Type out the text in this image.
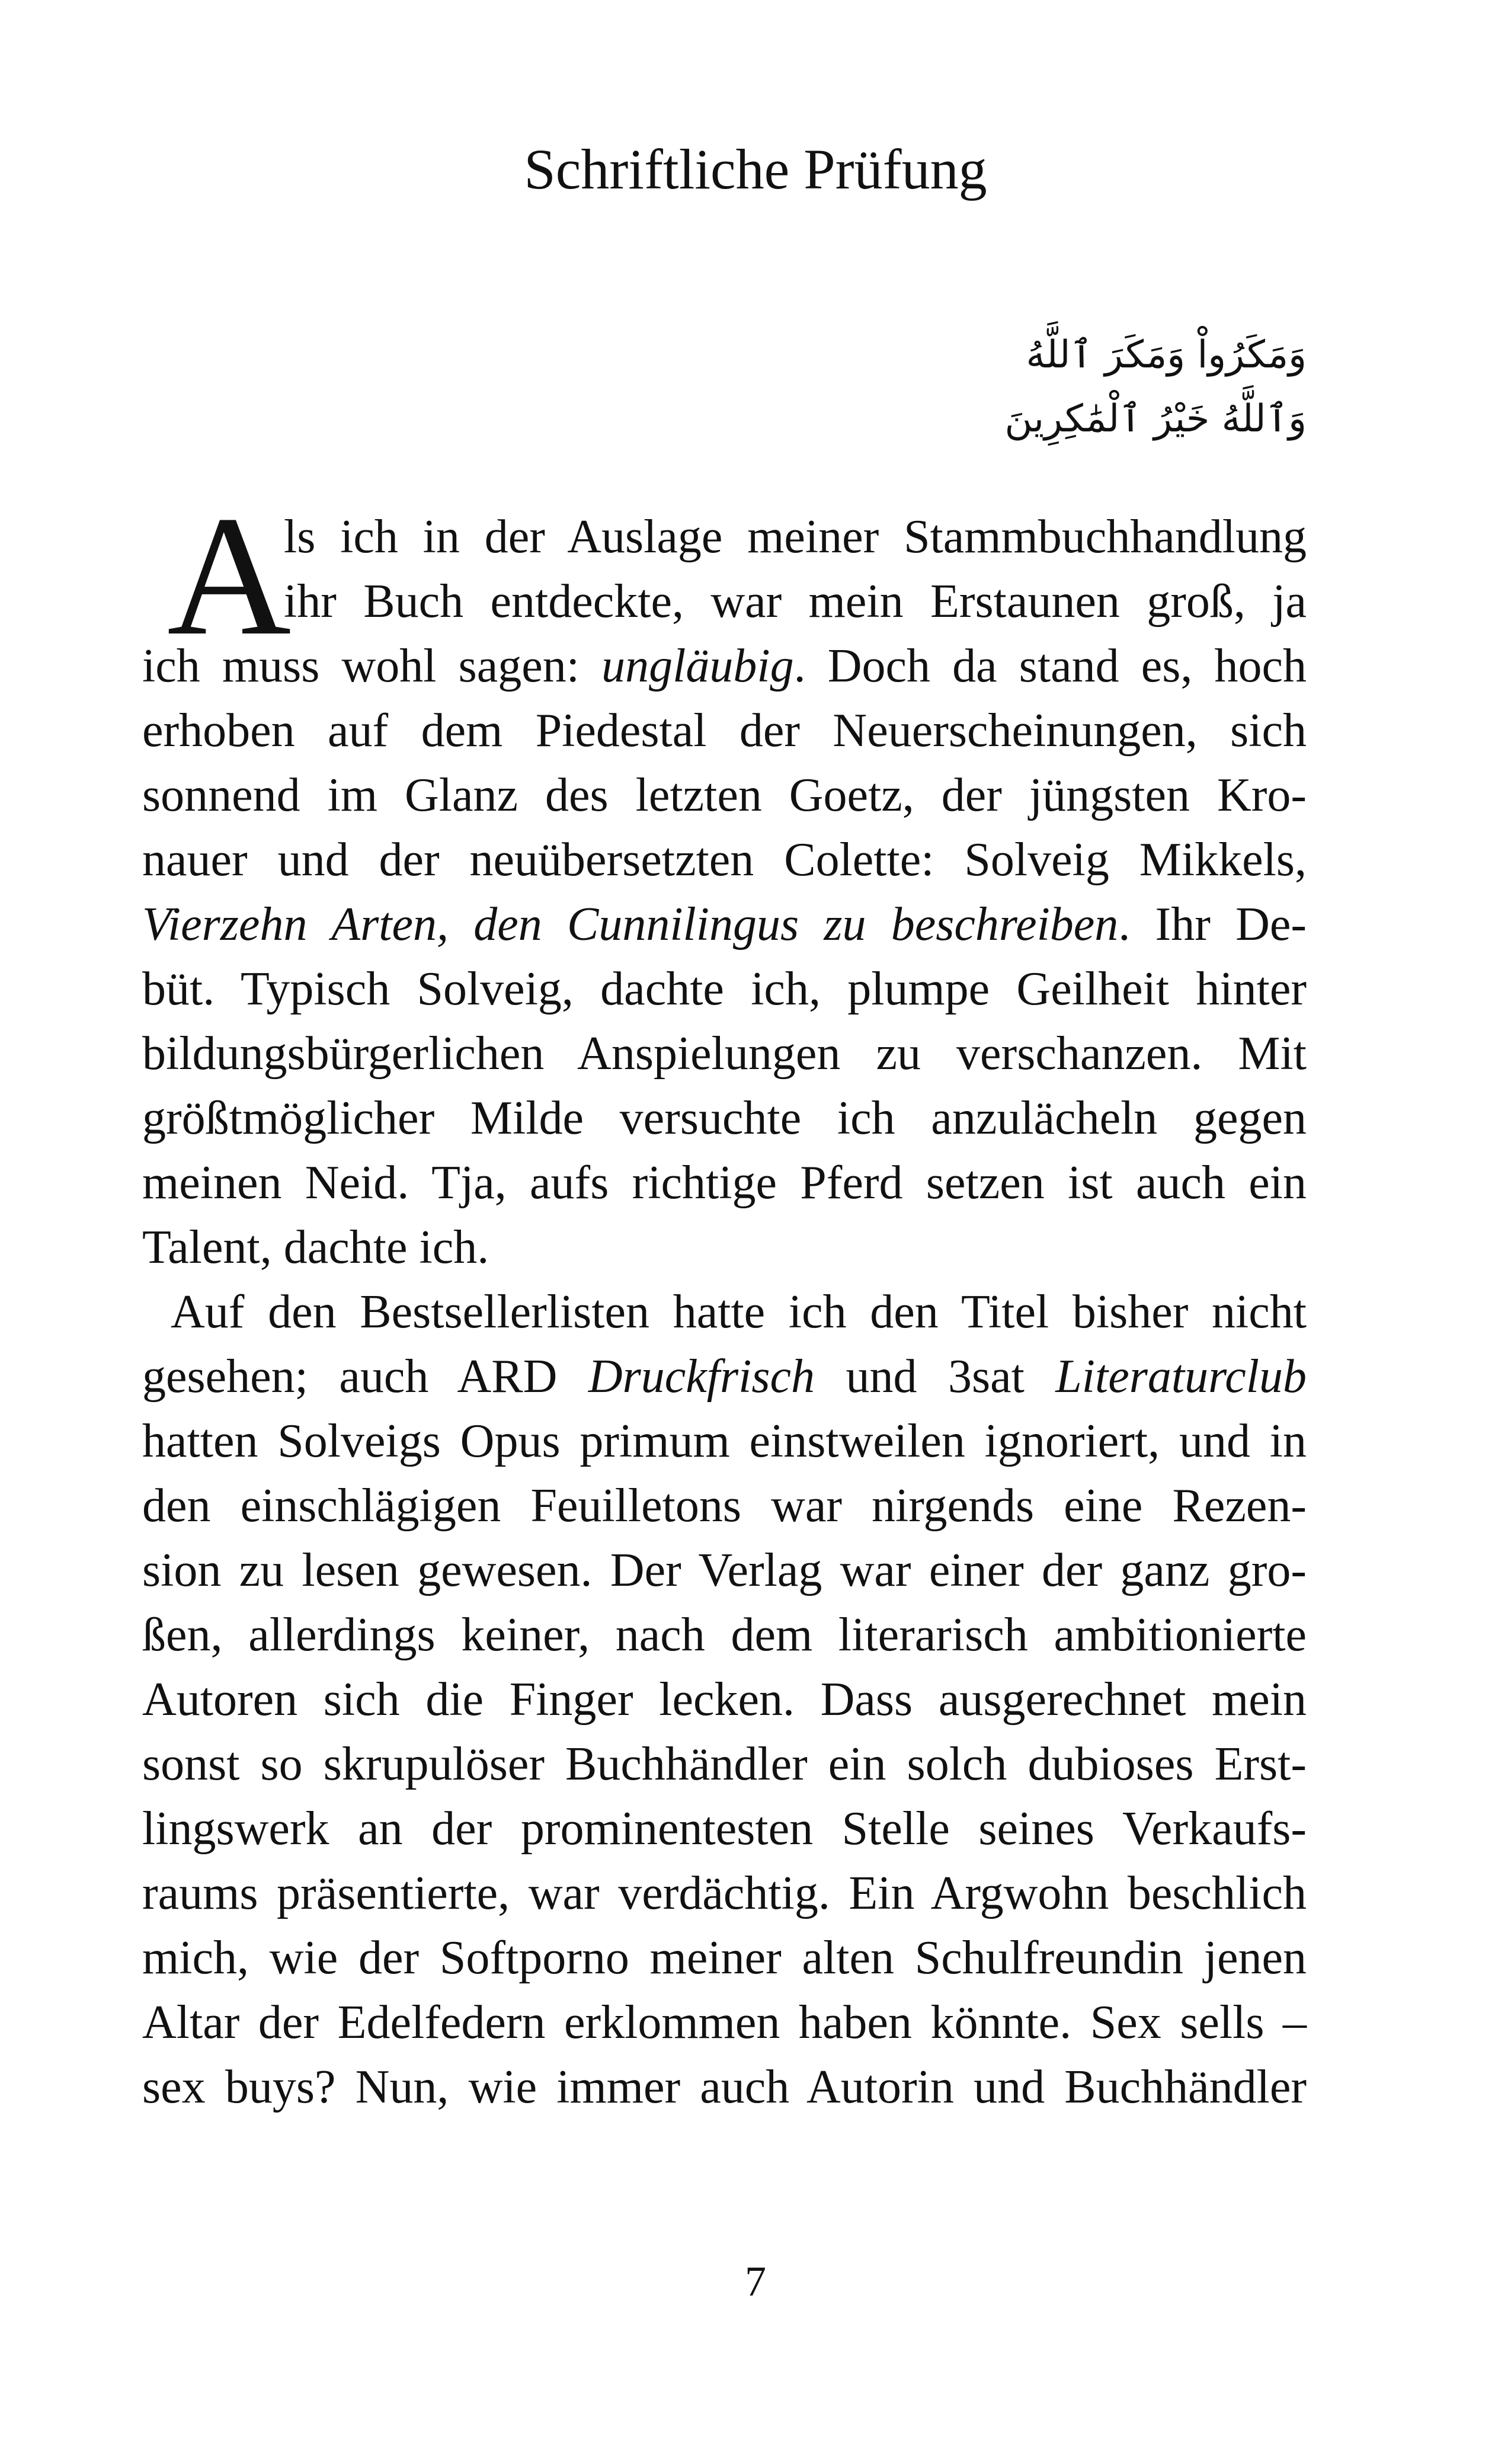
Schriftliche Prüfung
وَمَكَرُواْ وَمَكَرَ ٱللَّهُ
وَٱللَّهُ خَيْرُ ٱلْمَٰكِرِينَ
A
ls ich in der Auslage meiner Stammbuchhandlung
ihr Buch entdeckte, war mein Erstaunen groß, ja
ich muss wohl sagen: ungläubig. Doch da stand es, hoch
erhoben auf dem Piedestal der Neuerscheinungen, sich
sonnend im Glanz des letzten Goetz, der jüngsten Kro-
nauer und der neuübersetzten Colette: Solveig Mikkels,
Vierzehn Arten, den Cunnilingus zu beschreiben. Ihr De-
büt. Typisch Solveig, dachte ich, plumpe Geilheit hinter
bildungsbürgerlichen Anspielungen zu verschanzen. Mit
größtmöglicher Milde versuchte ich anzulächeln gegen
meinen Neid. Tja, aufs richtige Pferd setzen ist auch ein
Talent, dachte ich.
Auf den Bestsellerlisten hatte ich den Titel bisher nicht
gesehen; auch ARD Druckfrisch und 3sat Literaturclub
hatten Solveigs Opus primum einstweilen ignoriert, und in
den einschlägigen Feuilletons war nirgends eine Rezen-
sion zu lesen gewesen. Der Verlag war einer der ganz gro-
ßen, allerdings keiner, nach dem literarisch ambitionierte
Autoren sich die Finger lecken. Dass ausgerechnet mein
sonst so skrupulöser Buchhändler ein solch dubioses Erst-
lingswerk an der prominentesten Stelle seines Verkaufs-
raums präsentierte, war verdächtig. Ein Argwohn beschlich
mich, wie der Softporno meiner alten Schulfreundin jenen
Altar der Edelfedern erklommen haben könnte. Sex sells –
sex buys? Nun, wie immer auch Autorin und Buchhändler
7
